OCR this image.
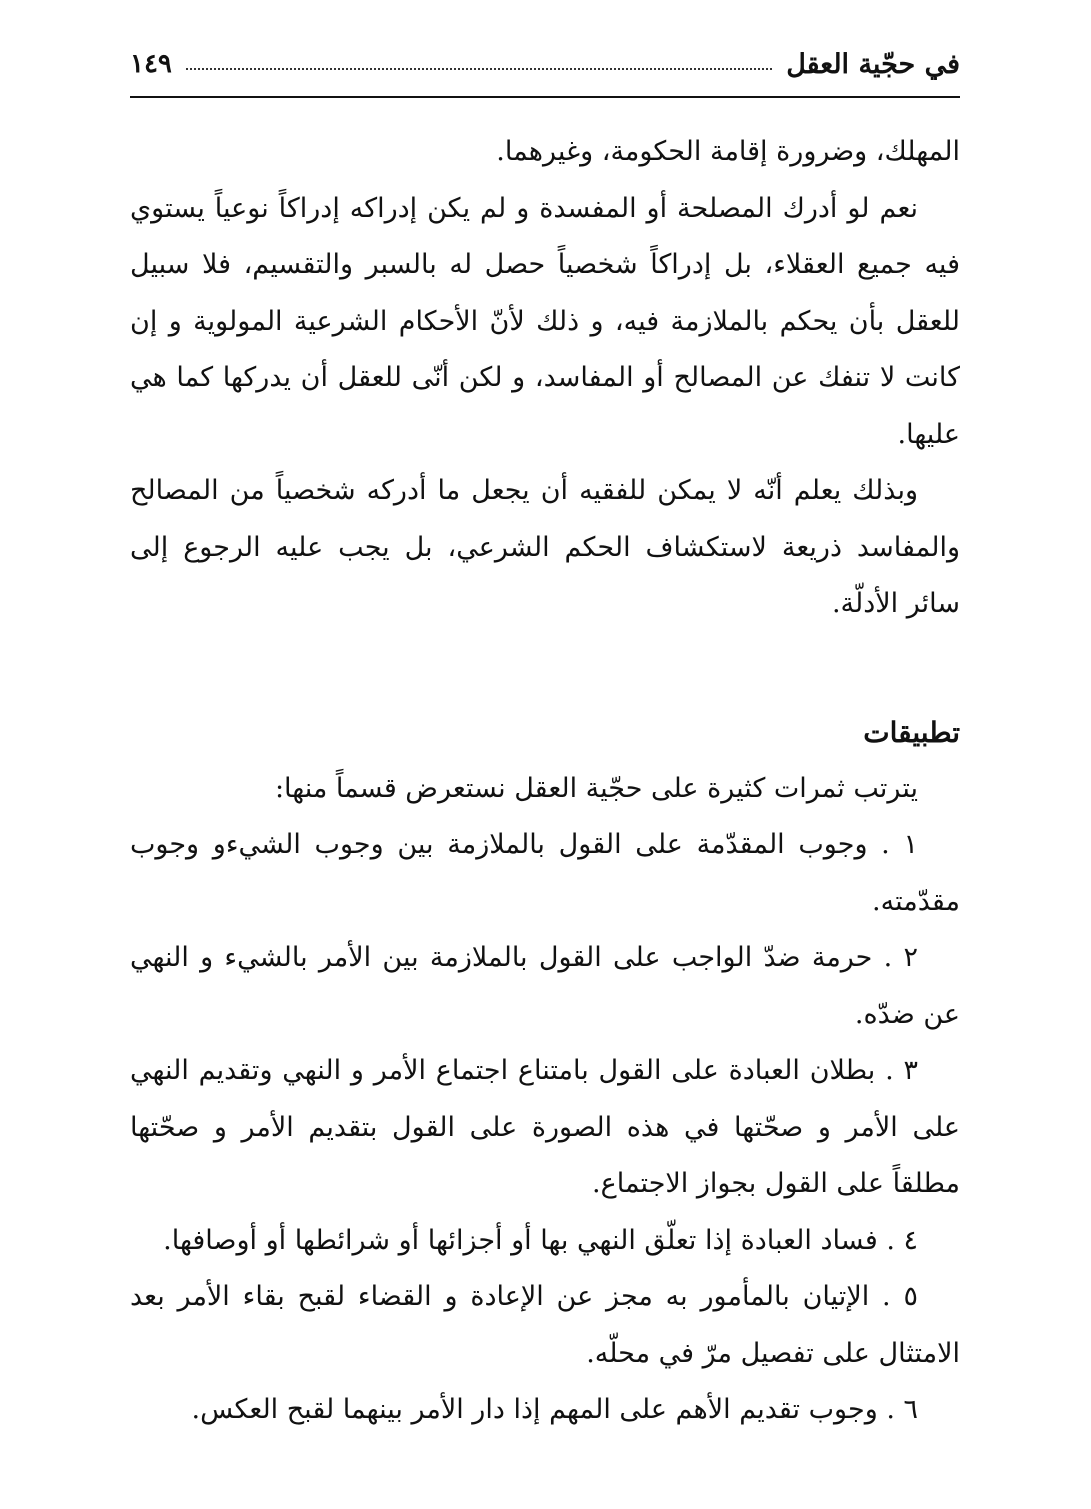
في حجّية العقل
١٤٩

المهلك، وضرورة إقامة الحكومة، وغيرهما.

نعم لو أدرك المصلحة أو المفسدة و لم يكن إدراكه إدراكاً نوعياً يستوي فيه جميع العقلاء، بل إدراكاً شخصياً حصل له بالسبر والتقسيم، فلا سبيل للعقل بأن يحكم بالملازمة فيه، و ذلك لأنّ الأحكام الشرعية المولوية و إن كانت لا تنفك عن المصالح أو المفاسد، و لكن أنّى للعقل أن يدركها كما هي عليها.

وبذلك يعلم أنّه لا يمكن للفقيه أن يجعل ما أدركه شخصياً من المصالح والمفاسد ذريعة لاستكشاف الحكم الشرعي، بل يجب عليه الرجوع إلى سائر الأدلّة.

تطبيقات

يترتب ثمرات كثيرة على حجّية العقل نستعرض قسماً منها:

١ . وجوب المقدّمة على القول بالملازمة بين وجوب الشيءو وجوب مقدّمته.

٢ . حرمة ضدّ الواجب على القول بالملازمة بين الأمر بالشيء و النهي عن ضدّه.

٣ . بطلان العبادة على القول بامتناع اجتماع الأمر و النهي وتقديم النهي على الأمر و صحّتها في هذه الصورة على القول بتقديم الأمر و صحّتها مطلقاً على القول بجواز الاجتماع.

٤ . فساد العبادة إذا تعلّق النهي بها أو أجزائها أو شرائطها أو أوصافها.

٥ . الإتيان بالمأمور به مجز عن الإعادة و القضاء لقبح بقاء الأمر بعد الامتثال على تفصيل مرّ في محلّه.

٦ . وجوب تقديم الأهم على المهم إذا دار الأمر بينهما لقبح العكس.
